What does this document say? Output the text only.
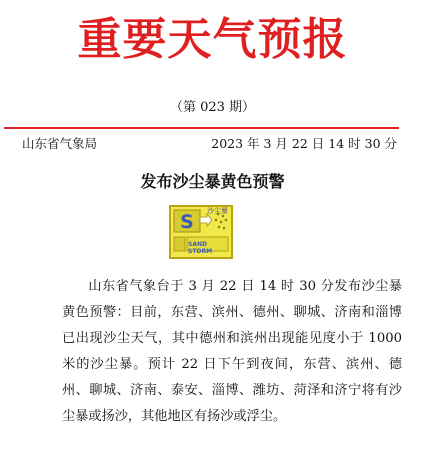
重要天气预报
（第 023 期）
山东省气象局	2023 年 3 月 22 日 14 时 30 分
发布沙尘暴黄色预警
S 沙尘暴
SAND STORM

山东省气象台于 3 月 22 日 14 时 30 分发布沙尘暴黄色预警：目前，东营、滨州、德州、聊城、济南和淄博已出现沙尘天气，其中德州和滨州出现能见度小于 1000 米的沙尘暴。预计 22 日下午到夜间，东营、滨州、德州、聊城、济南、泰安、淄博、潍坊、菏泽和济宁将有沙尘暴或扬沙，其他地区有扬沙或浮尘。
